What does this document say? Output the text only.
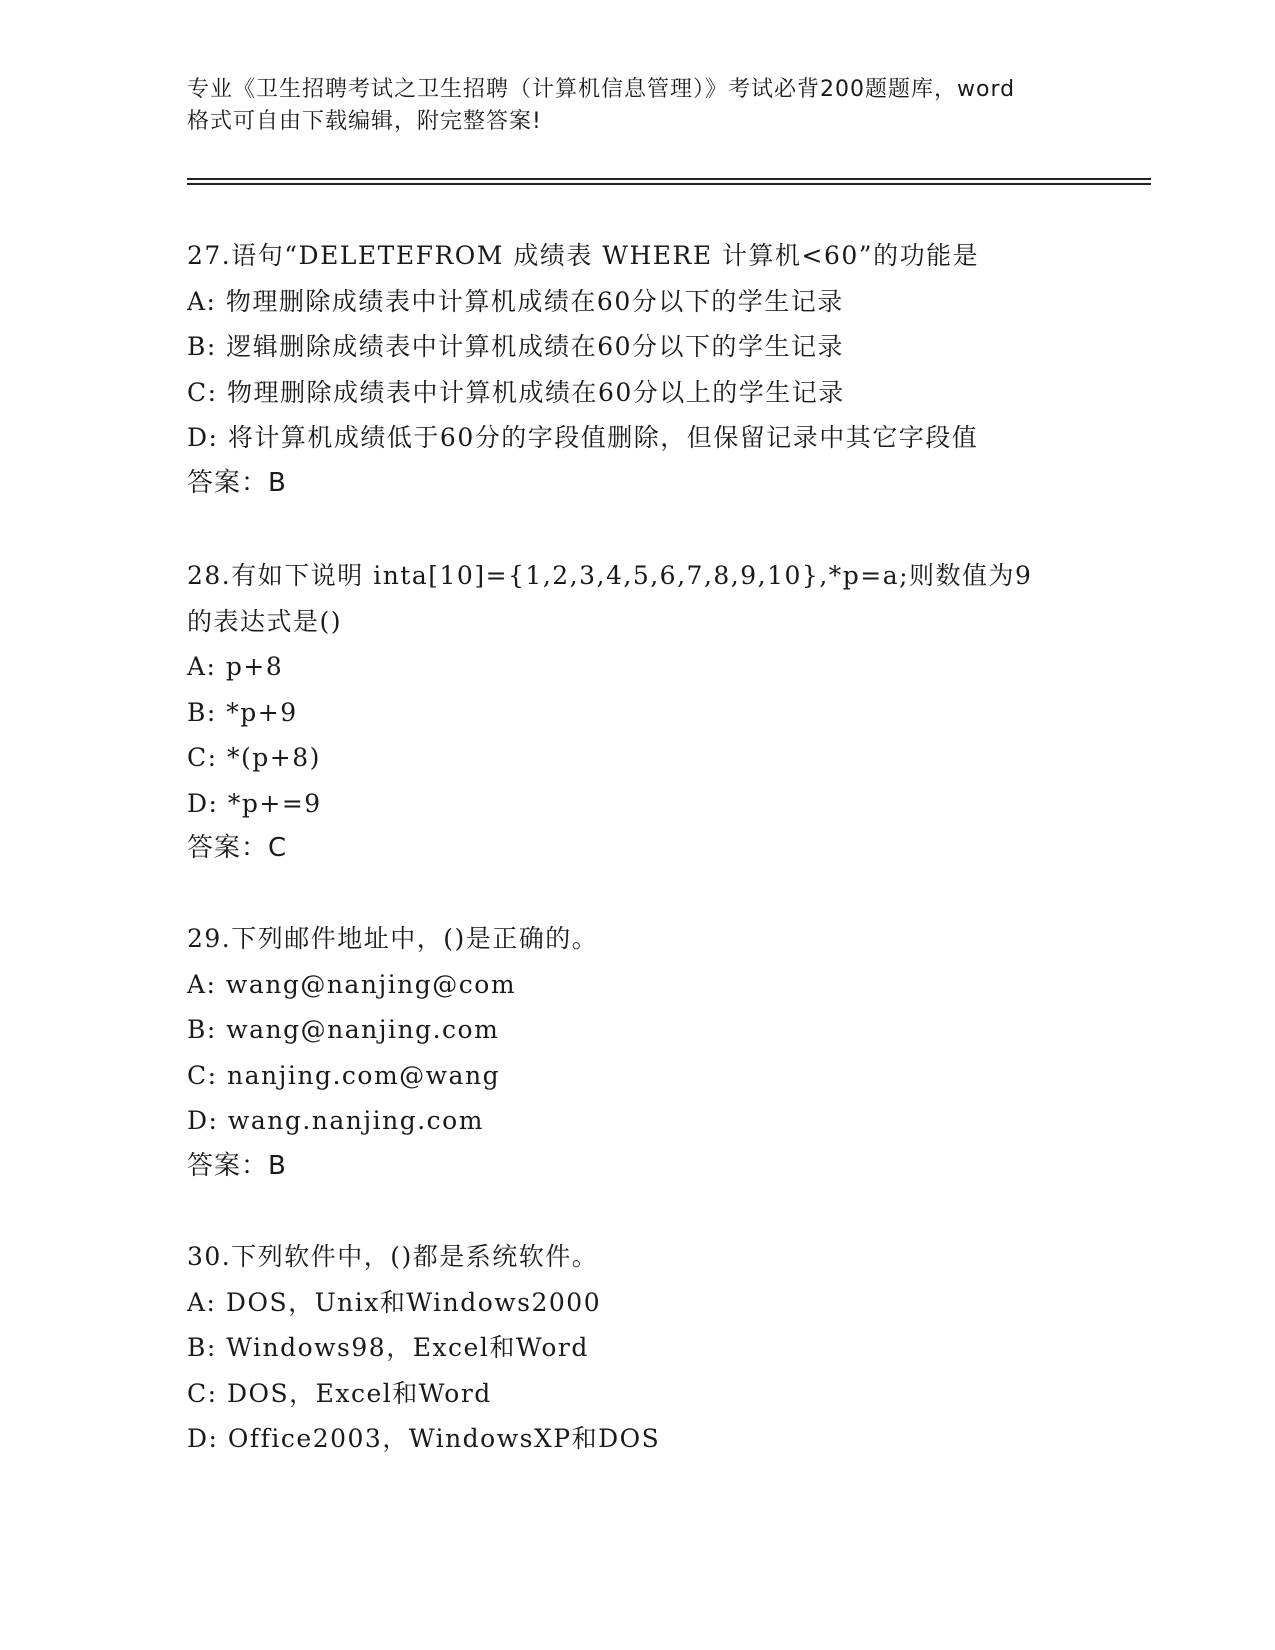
专业《卫生招聘考试之卫生招聘（计算机信息管理）》考试必背200题题库，word
格式可自由下载编辑，附完整答案!
27.语句“DELETEFROM 成绩表 WHERE 计算机<60”的功能是
A: 物理删除成绩表中计算机成绩在60分以下的学生记录
B: 逻辑删除成绩表中计算机成绩在60分以下的学生记录
C: 物理删除成绩表中计算机成绩在60分以上的学生记录
D: 将计算机成绩低于60分的字段值删除，但保留记录中其它字段值
答案：B
28.有如下说明 inta[10]={1,2,3,4,5,6,7,8,9,10},*p=a;则数值为9
的表达式是()
A: p+8
B: *p+9
C: *(p+8)
D: *p+=9
答案：C
29.下列邮件地址中，()是正确的。
A: wang@nanjing@com
B: wang@nanjing.com
C: nanjing.com@wang
D: wang.nanjing.com
答案：B
30.下列软件中，()都是系统软件。
A: DOS，Unix和Windows2000
B: Windows98，Excel和Word
C: DOS，Excel和Word
D: Office2003，WindowsXP和DOS
